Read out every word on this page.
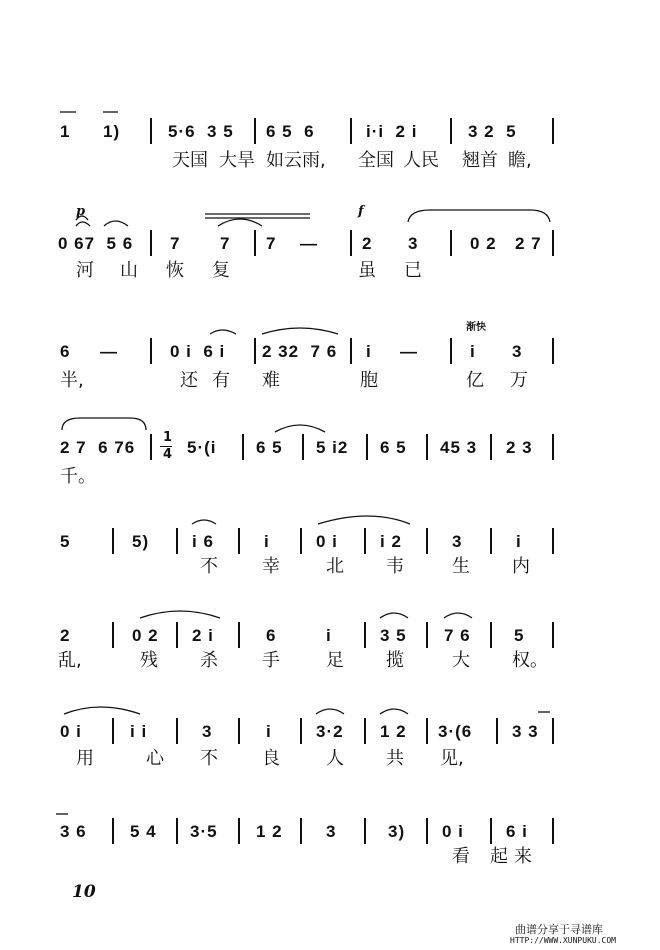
1 1)	5·6  3 5 6 5  6	i·i  2 i	3 2  5
天国 大旱 如云雨, 全国 人民 翘首 瞻,
p	f
0 67  5 6 7 7 7 —	2 3	0 2 2 7
河 山 恢 复	虽 已
渐快
6 —	0 i  6 i 2 32  7 6 i —	i 3
半,	还 有 难	胞	亿 万
2 7  6 76
1
4 5·(i 6 5 5 i2 6 5 45 3 2 3
千。
5	5)	i 6	i	0 i i 2	3	i
不 幸	北 韦	生 内
2	0 2 2 i	6	i	3 5 7 6	5
乱,	残 杀 手	足 揽	大 权。
0 i	i i	3	i	3·2 1 2 3·(6 3 3
用	心 不 良	人 共 见,
3 6	5 4 3·5 1 2	3	3) 0 i 6 i
看 起 来
10
曲谱分享于寻谱库
HTTP://WWW.XUNPUKU.COM
